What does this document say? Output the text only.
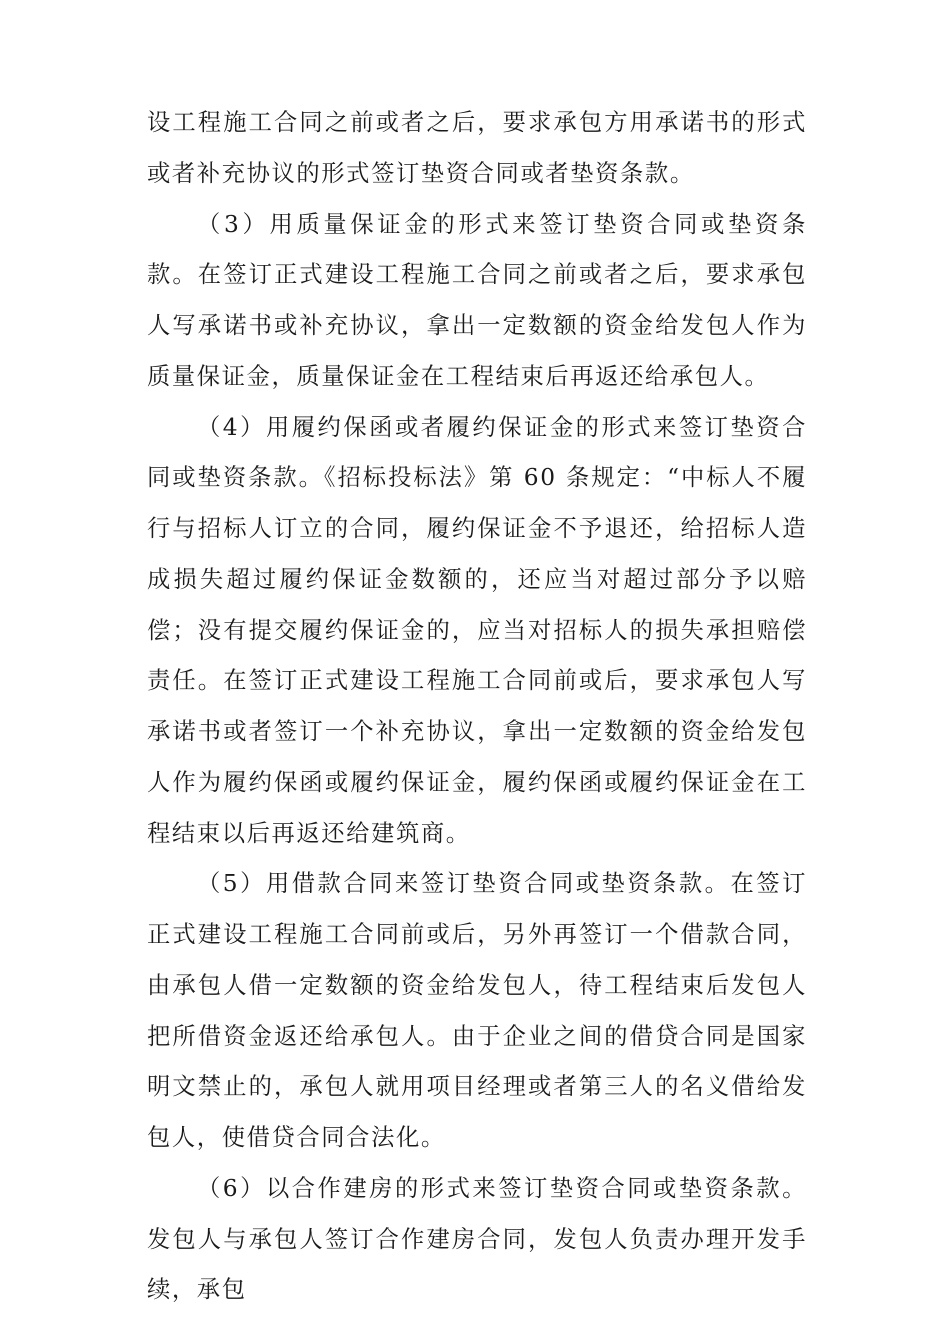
设工程施工合同之前或者之后，要求承包方用承诺书的形式或者补充协议的形式签订垫资合同或者垫资条款。

（3）用质量保证金的形式来签订垫资合同或垫资条款。在签订正式建设工程施工合同之前或者之后，要求承包人写承诺书或补充协议，拿出一定数额的资金给发包人作为质量保证金，质量保证金在工程结束后再返还给承包人。

（4）用履约保函或者履约保证金的形式来签订垫资合同或垫资条款。《招标投标法》第 60 条规定：“中标人不履行与招标人订立的合同，履约保证金不予退还，给招标人造成损失超过履约保证金数额的，还应当对超过部分予以赔偿；没有提交履约保证金的，应当对招标人的损失承担赔偿责任。在签订正式建设工程施工合同前或后，要求承包人写承诺书或者签订一个补充协议，拿出一定数额的资金给发包人作为履约保函或履约保证金，履约保函或履约保证金在工程结束以后再返还给建筑商。

（5）用借款合同来签订垫资合同或垫资条款。在签订正式建设工程施工合同前或后，另外再签订一个借款合同，由承包人借一定数额的资金给发包人，待工程结束后发包人把所借资金返还给承包人。由于企业之间的借贷合同是国家明文禁止的，承包人就用项目经理或者第三人的名义借给发包人，使借贷合同合法化。

（6）以合作建房的形式来签订垫资合同或垫资条款。发包人与承包人签订合作建房合同，发包人负责办理开发手续，承包
